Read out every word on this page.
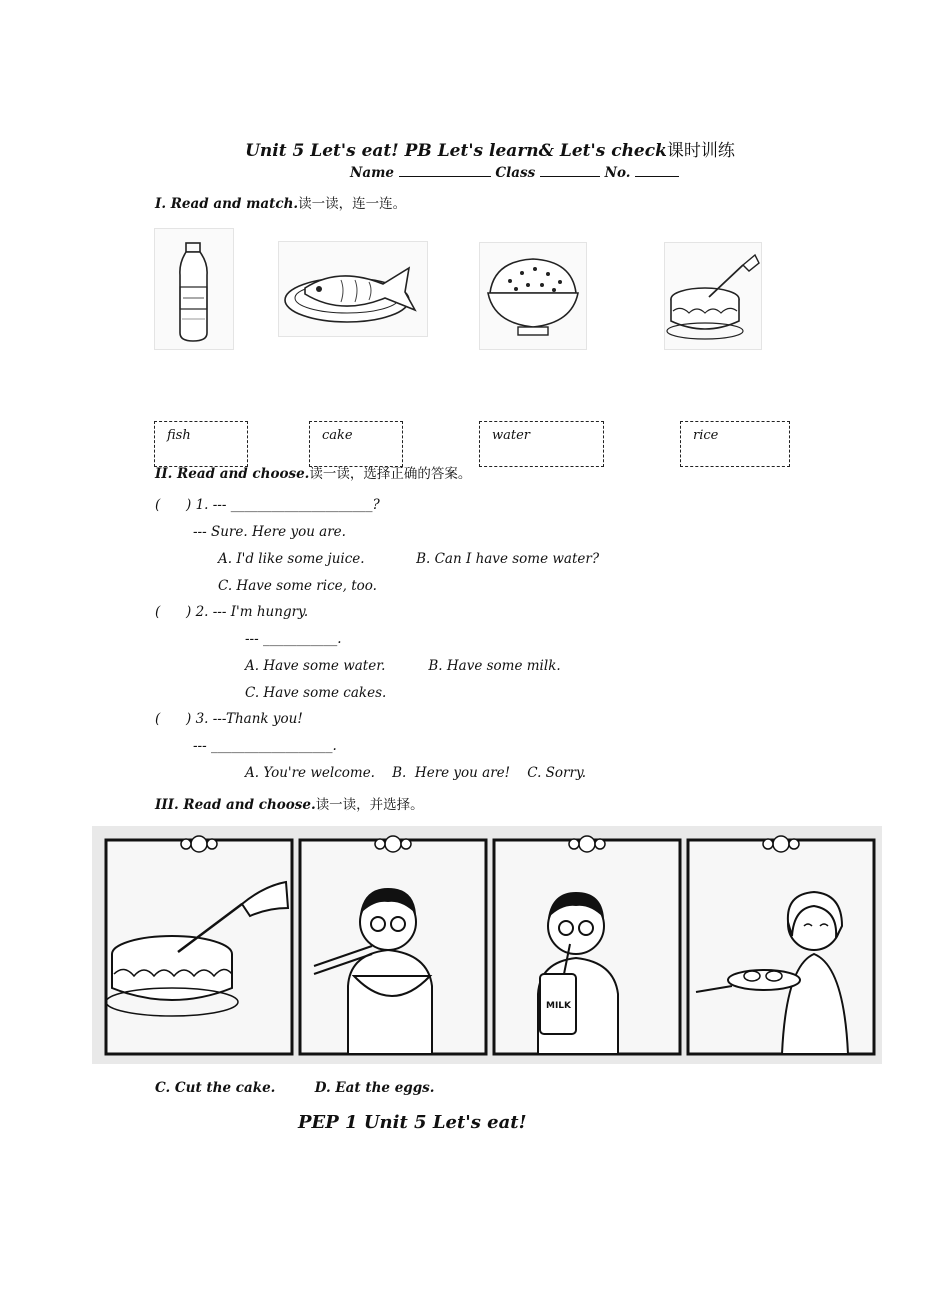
Unit 5 Let's eat! PB Let's learn& Let's check课时训练
Name	Class	No.
I. Read and match.读一读，连一连。
fish	cake	water	rice
II. Read and choose.读一读，选择正确的答案。
(      ) 1. --- _____________________?
--- Sure. Here you are.
A. I'd like some juice.            B. Can I have some water?
C. Have some rice, too.
(      ) 2. --- I'm hungry.
--- ___________.
A. Have some water.          B. Have some milk.
C. Have some cakes.
(      ) 3. ---Thank you!
--- __________________.
A. You're welcome.    B.  Here you are!    C. Sorry.
III. Read and choose.读一读，并选择。
MILK
C. Cut the cake.	D. Eat the eggs.
PEP 1 Unit 5 Let's eat!
